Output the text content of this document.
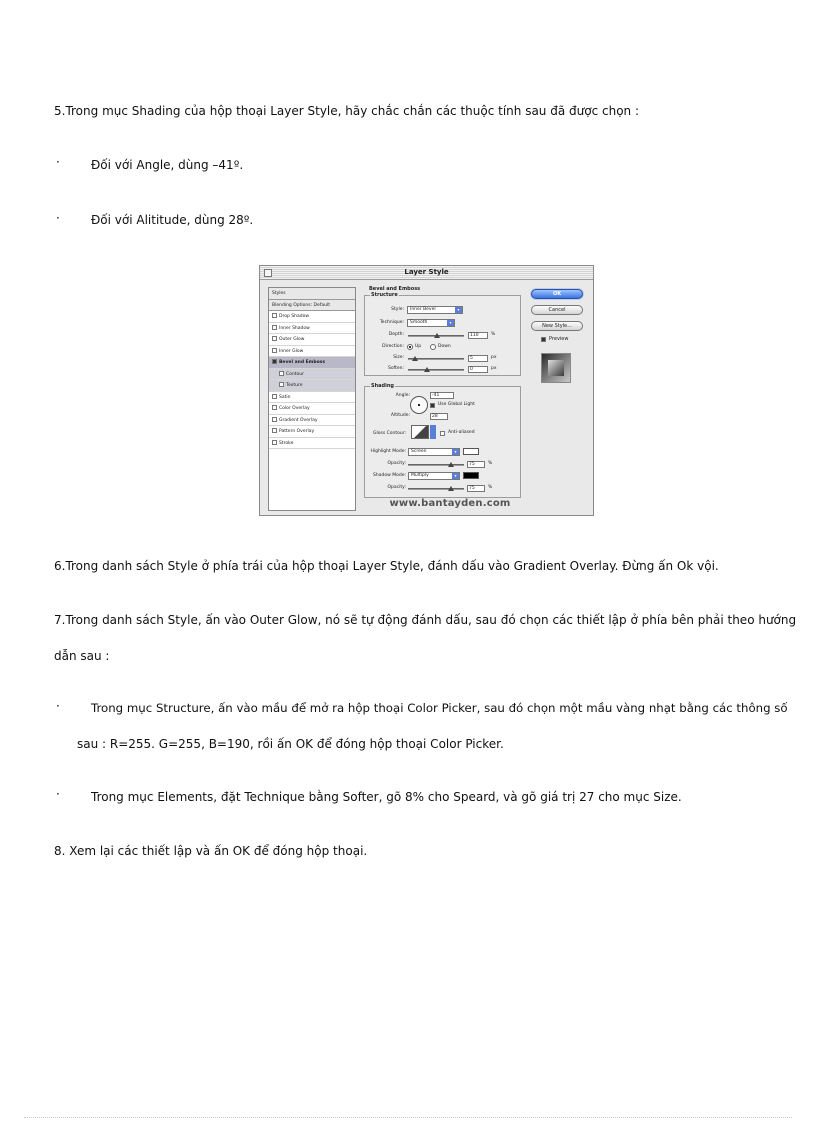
5.Trong mục Shading của hộp thoại Layer Style, hãy chắc chắn các thuộc tính sau đã được chọn :
·	Đối với Angle, dùng –41º.
·	Đối với Alititude, dùng 28º.
Layer Style
Styles
Blending Options: Default
Drop Shadow
Inner Shadow
Outer Glow
Inner Glow
Bevel and Emboss
Contour
Texture
Satin
Color Overlay
Gradient Overlay
Pattern Overlay
Stroke
Bevel and Emboss
Structure
Style:	Inner Bevel	▾
Technique:	Smooth	▾
Depth:	110	%
Direction: Up	Down
Size:	5	px
Soften:	0	px
Shading
Angle:	-41
Use Global Light
Altitude:	28
Gloss Contour:	Anti-aliased
Highlight Mode:	Screen	▾
Opacity:	75	%
Shadow Mode:	Multiply	▾
Opacity:	75	%
OK
Cancel
New Style...
Preview
www.bantayden.com
6.Trong danh sách Style ở phía trái của hộp thoại Layer Style, đánh dấu vào Gradient Overlay. Đừng ấn Ok vội.
7.Trong danh sách Style, ấn vào Outer Glow, nó sẽ tự động đánh dấu, sau đó chọn các thiết lập ở phía bên phải theo hướng
dẫn sau :
·	Trong mục Structure, ấn vào mầu để mở ra hộp thoại Color Picker, sau đó chọn một mầu vàng nhạt bằng các thông số
sau : R=255. G=255, B=190, rồi ấn OK để đóng hộp thoại Color Picker.
·	Trong mục Elements, đặt Technique bằng Softer, gõ 8% cho Speard, và gõ giá trị 27 cho mục Size.
8. Xem lại các thiết lập và ấn OK để đóng hộp thoại.
